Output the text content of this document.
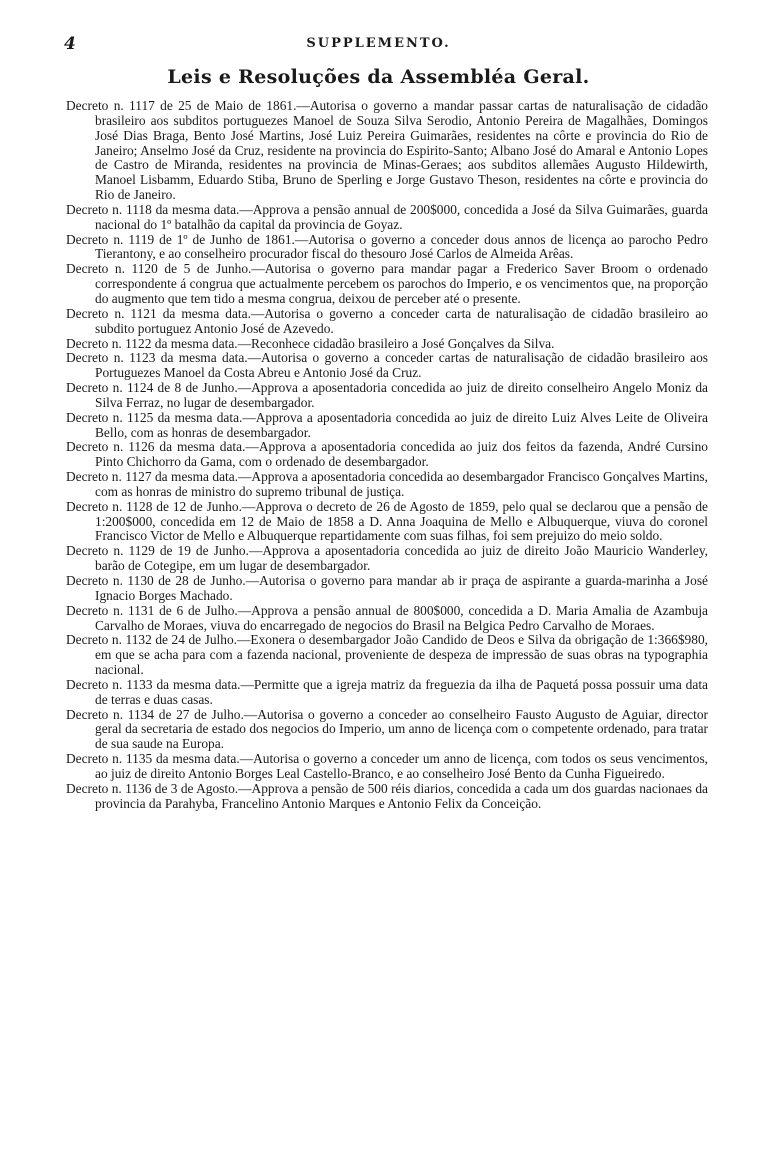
4	SUPPLEMENTO.
Leis e Resoluções da Assembléa Geral.

Decreto n. 1117 de 25 de Maio de 1861.—Autorisa o governo a mandar passar cartas de naturalisação de cidadão brasileiro aos subditos portuguezes Manoel de Souza Silva Serodio, Antonio Pereira de Magalhães, Domingos José Dias Braga, Bento José Martins, José Luiz Pereira Guimarães, residentes na côrte e provincia do Rio de Janeiro; Anselmo José da Cruz, residente na provincia do Espirito-Santo; Albano José do Amaral e Antonio Lopes de Castro de Miranda, residentes na provincia de Minas-Geraes; aos subditos allemães Augusto Hildewirth, Manoel Lisbamm, Eduardo Stiba, Bruno de Sperling e Jorge Gustavo Theson, residentes na côrte e provincia do Rio de Janeiro.

Decreto n. 1118 da mesma data.—Approva a pensão annual de 200$000, concedida a José da Silva Guimarães, guarda nacional do 1º batalhão da capital da provincia de Goyaz.

Decreto n. 1119 de 1º de Junho de 1861.—Autorisa o governo a conceder dous annos de licença ao parocho Pedro Tierantony, e ao conselheiro procurador fiscal do thesouro José Carlos de Almeida Arêas.

Decreto n. 1120 de 5 de Junho.—Autorisa o governo para mandar pagar a Frederico Saver Broom o ordenado correspondente á congrua que actualmente percebem os parochos do Imperio, e os vencimentos que, na proporção do augmento que tem tido a mesma congrua, deixou de perceber até o presente.

Decreto n. 1121 da mesma data.—Autorisa o governo a conceder carta de naturalisação de cidadão brasileiro ao subdito portuguez Antonio José de Azevedo.

Decreto n. 1122 da mesma data.—Reconhece cidadão brasileiro a José Gonçalves da Silva.

Decreto n. 1123 da mesma data.—Autorisa o governo a conceder cartas de naturalisação de cidadão brasileiro aos Portuguezes Manoel da Costa Abreu e Antonio José da Cruz.

Decreto n. 1124 de 8 de Junho.—Approva a aposentadoria concedida ao juiz de direito conselheiro Angelo Moniz da Silva Ferraz, no lugar de desembargador.

Decreto n. 1125 da mesma data.—Approva a aposentadoria concedida ao juiz de direito Luiz Alves Leite de Oliveira Bello, com as honras de desembargador.

Decreto n. 1126 da mesma data.—Approva a aposentadoria concedida ao juiz dos feitos da fazenda, André Cursino Pinto Chichorro da Gama, com o ordenado de desembargador.

Decreto n. 1127 da mesma data.—Approva a aposentadoria concedida ao desembargador Francisco Gonçalves Martins, com as honras de ministro do supremo tribunal de justiça.

Decreto n. 1128 de 12 de Junho.—Approva o decreto de 26 de Agosto de 1859, pelo qual se declarou que a pensão de 1:200$000, concedida em 12 de Maio de 1858 a D. Anna Joaquina de Mello e Albuquerque, viuva do coronel Francisco Victor de Mello e Albuquerque repartidamente com suas filhas, foi sem prejuizo do meio soldo.

Decreto n. 1129 de 19 de Junho.—Approva a aposentadoria concedida ao juiz de direito João Mauricio Wanderley, barão de Cotegipe, em um lugar de desembargador.

Decreto n. 1130 de 28 de Junho.—Autorisa o governo para mandar ab ir praça de aspirante a guarda-marinha a José Ignacio Borges Machado.

Decreto n. 1131 de 6 de Julho.—Approva a pensão annual de 800$000, concedida a D. Maria Amalia de Azambuja Carvalho de Moraes, viuva do encarregado de negocios do Brasil na Belgica Pedro Carvalho de Moraes.

Decreto n. 1132 de 24 de Julho.—Exonera o desembargador João Candido de Deos e Silva da obrigação de 1:366$980, em que se acha para com a fazenda nacional, proveniente de despeza de impressão de suas obras na typographia nacional.

Decreto n. 1133 da mesma data.—Permitte que a igreja matriz da freguezia da ilha de Paquetá possa possuir uma data de terras e duas casas.

Decreto n. 1134 de 27 de Julho.—Autorisa o governo a conceder ao conselheiro Fausto Augusto de Aguiar, director geral da secretaria de estado dos negocios do Imperio, um anno de licença com o competente ordenado, para tratar de sua saude na Europa.

Decreto n. 1135 da mesma data.—Autorisa o governo a conceder um anno de licença, com todos os seus vencimentos, ao juiz de direito Antonio Borges Leal Castello-Branco, e ao conselheiro José Bento da Cunha Figueiredo.

Decreto n. 1136 de 3 de Agosto.—Approva a pensão de 500 réis diarios, concedida a cada um dos guardas nacionaes da provincia da Parahyba, Francelino Antonio Marques e Antonio Felix da Conceição.
